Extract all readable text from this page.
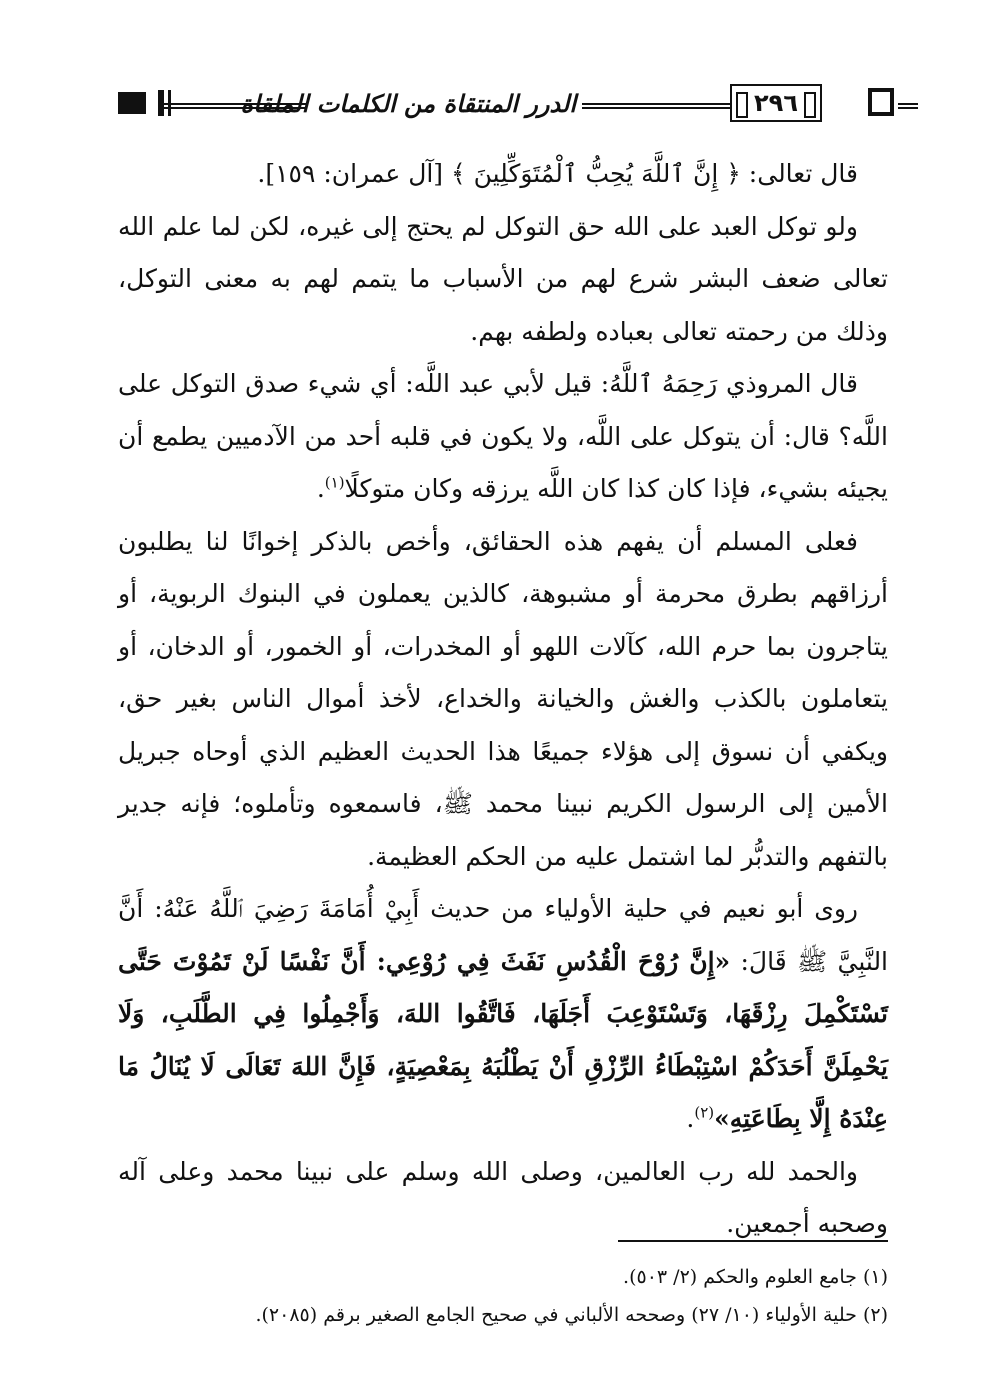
الدرر المنتقاة من الكلمات الملقاة	٢٩٦

قال تعالى: ﴿ إِنَّ ٱللَّهَ يُحِبُّ ٱلْمُتَوَكِّلِينَ ﴾ [آل عمران: ١٥٩].

ولو توكل العبد على الله حق التوكل لم يحتج إلى غيره، لكن لما علم الله تعالى ضعف البشر شرع لهم من الأسباب ما يتمم لهم به معنى التوكل، وذلك من رحمته تعالى بعباده ولطفه بهم.

قال المروذي رَحِمَهُ ٱللَّهُ: قيل لأبي عبد اللَّه: أي شيء صدق التوكل على اللَّه؟ قال: أن يتوكل على اللَّه، ولا يكون في قلبه أحد من الآدميين يطمع أن يجيئه بشيء، فإذا كان كذا كان اللَّه يرزقه وكان متوكلًا$^{(١)}$.

فعلى المسلم أن يفهم هذه الحقائق، وأخص بالذكر إخوانًا لنا يطلبون أرزاقهم بطرق محرمة أو مشبوهة، كالذين يعملون في البنوك الربوية، أو يتاجرون بما حرم الله، كآلات اللهو أو المخدرات، أو الخمور، أو الدخان، أو يتعاملون بالكذب والغش والخيانة والخداع، لأخذ أموال الناس بغير حق، ويكفي أن نسوق إلى هؤلاء جميعًا هذا الحديث العظيم الذي أوحاه جبريل الأمين إلى الرسول الكريم نبينا محمد ﷺ، فاسمعوه وتأملوه؛ فإنه جدير بالتفهم والتدبُّر لما اشتمل عليه من الحكم العظيمة.

روى أبو نعيم في حلية الأولياء من حديث أَبِيْ أُمَامَةَ رَضِيَ ٱللَّهُ عَنْهُ: أَنَّ النَّبِيَّ ﷺ قَالَ: «إِنَّ رُوْحَ الْقُدُسِ نَفَثَ فِي رُوْعِي: أَنَّ نَفْسًا لَنْ تَمُوْتَ حَتَّى تَسْتَكْمِلَ رِزْقَهَا، وَتَسْتَوْعِبَ أَجَلَهَا، فَاتَّقُوا اللهَ، وَأَجْمِلُوا فِي الطَّلَبِ، وَلَا يَحْمِلَنَّ أَحَدَكُمْ اسْتِبْطَاءُ الرِّزْقِ أَنْ يَطْلُبَهُ بِمَعْصِيَةٍ، فَإِنَّ اللهَ تَعَالَى لَا يُنَالُ مَا عِنْدَهُ إِلَّا بِطَاعَتِهِ»$^{(٢)}$.

والحمد لله رب العالمين، وصلى الله وسلم على نبينا محمد وعلى آله وصحبه أجمعين.

(١) جامع العلوم والحكم (٢/ ٥٠٣).

(٢) حلية الأولياء (١٠/ ٢٧) وصححه الألباني في صحيح الجامع الصغير برقم (٢٠٨٥).
